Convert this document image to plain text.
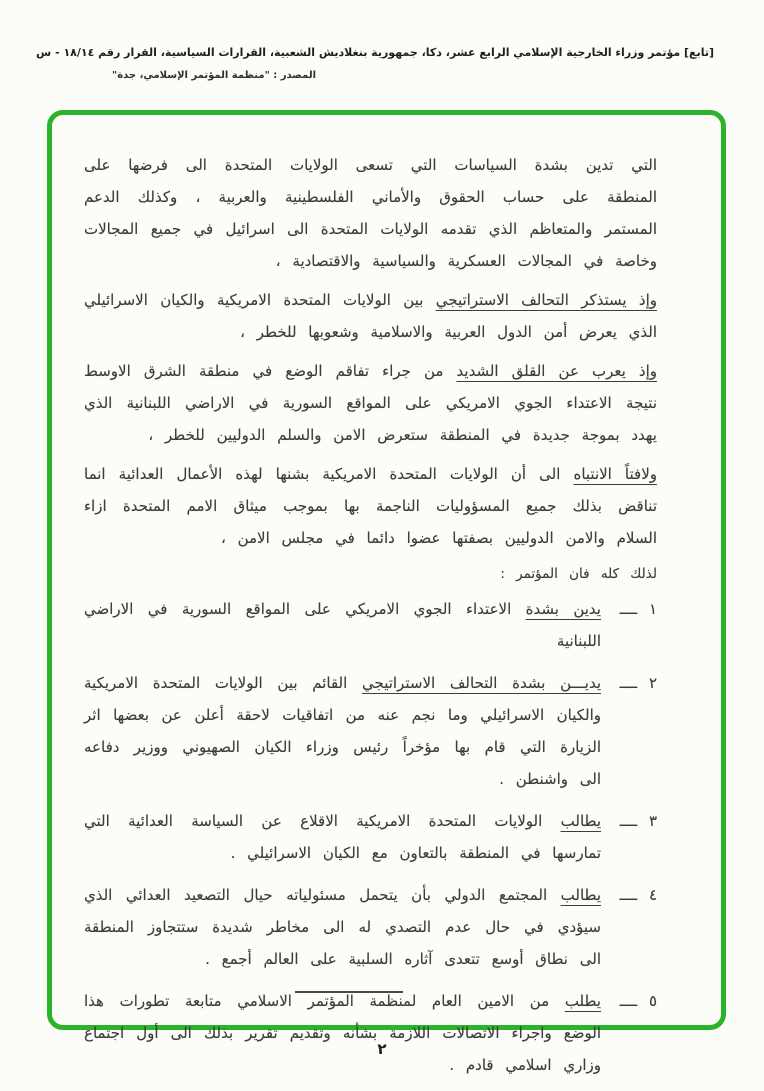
[تابع] مؤتمر وزراء الخارجية الإسلامي الرابع عشر، دكا، جمهورية بنغلاديش الشعبية، القرارات السياسية، القرار رقم ١٨/١٤ - س
المصدر : "منظمة المؤتمر الإسلامي، جدة"
التي تدين بشدة السياسات التي تسعى الولايات المتحدة الى فرضها على المنطقة على حساب الحقوق والأماني الفلسطينية والعربية ، وكذلك الدعم المستمر والمتعاظم الذي تقدمه الولايات المتحدة الى اسرائيل في جميع المجالات وخاصة في المجالات العسكرية والسياسية والاقتصادية ،
وإذ يستذكر التحالف الاستراتيجي بين الولايات المتحدة الامريكية والكيان الاسرائيلي الذي يعرض أمن الدول العربية والاسلامية وشعوبها للخطر ،
وإذ يعرب عن القلق الشديد من جراء تفاقم الوضع في منطقة الشرق الاوسط نتيجة الاعتداء الجوي الامريكي على المواقع السورية في الاراضي اللبنانية الذي يهدد بموجة جديدة في المنطقة ستعرض الامن والسلم الدوليين للخطر ،
ولافتاً الانتباه الى أن الولايات المتحدة الامريكية بشنها لهذه الأعمال العدائية انما تناقض بذلك جميع المسؤوليات الناجمة بها بموجب ميثاق الامم المتحدة ازاء السلام والامن الدوليين بصفتها عضوا دائما في مجلس الامن ،
لذلك كله فان المؤتمر :
١ ــــ
يدين بشدة الاعتداء الجوي الامريكي على المواقع السورية في الاراضي اللبنانية
٢ ــــ
يديـــن بشدة التحالف الاستراتيجي القائم بين الولايات المتحدة الامريكية والكيان الاسرائيلي وما نجم عنه من اتفاقيات لاحقة أعلن عن بعضها اثر الزيارة التي قام بها مؤخراً رئيس وزراء الكيان الصهيوني ووزير دفاعه الى واشنطن .
٣ ــــ
يطالب الولايات المتحدة الامريكية الاقلاع عن السياسة العدائية التي تمارسها في المنطقة بالتعاون مع الكيان الاسرائيلي .
٤ ــــ
يطالب المجتمع الدولي بأن يتحمل مسئولياته حيال التصعيد العدائي الذي سيؤدي في حال عدم التصدي له الى مخاطر شديدة ستتجاوز المنطقة الى نطاق أوسع تتعدى آثاره السلبية على العالم أجمع .
٥ ــــ
يطلب من الامين العام لمنظمة المؤتمر الاسلامي متابعة تطورات هذا الوضع واجراء الاتصالات اللازمة بشأنه وتقديم تقرير بذلك الى أول اجتماع وزاري اسلامي قادم .
٢
